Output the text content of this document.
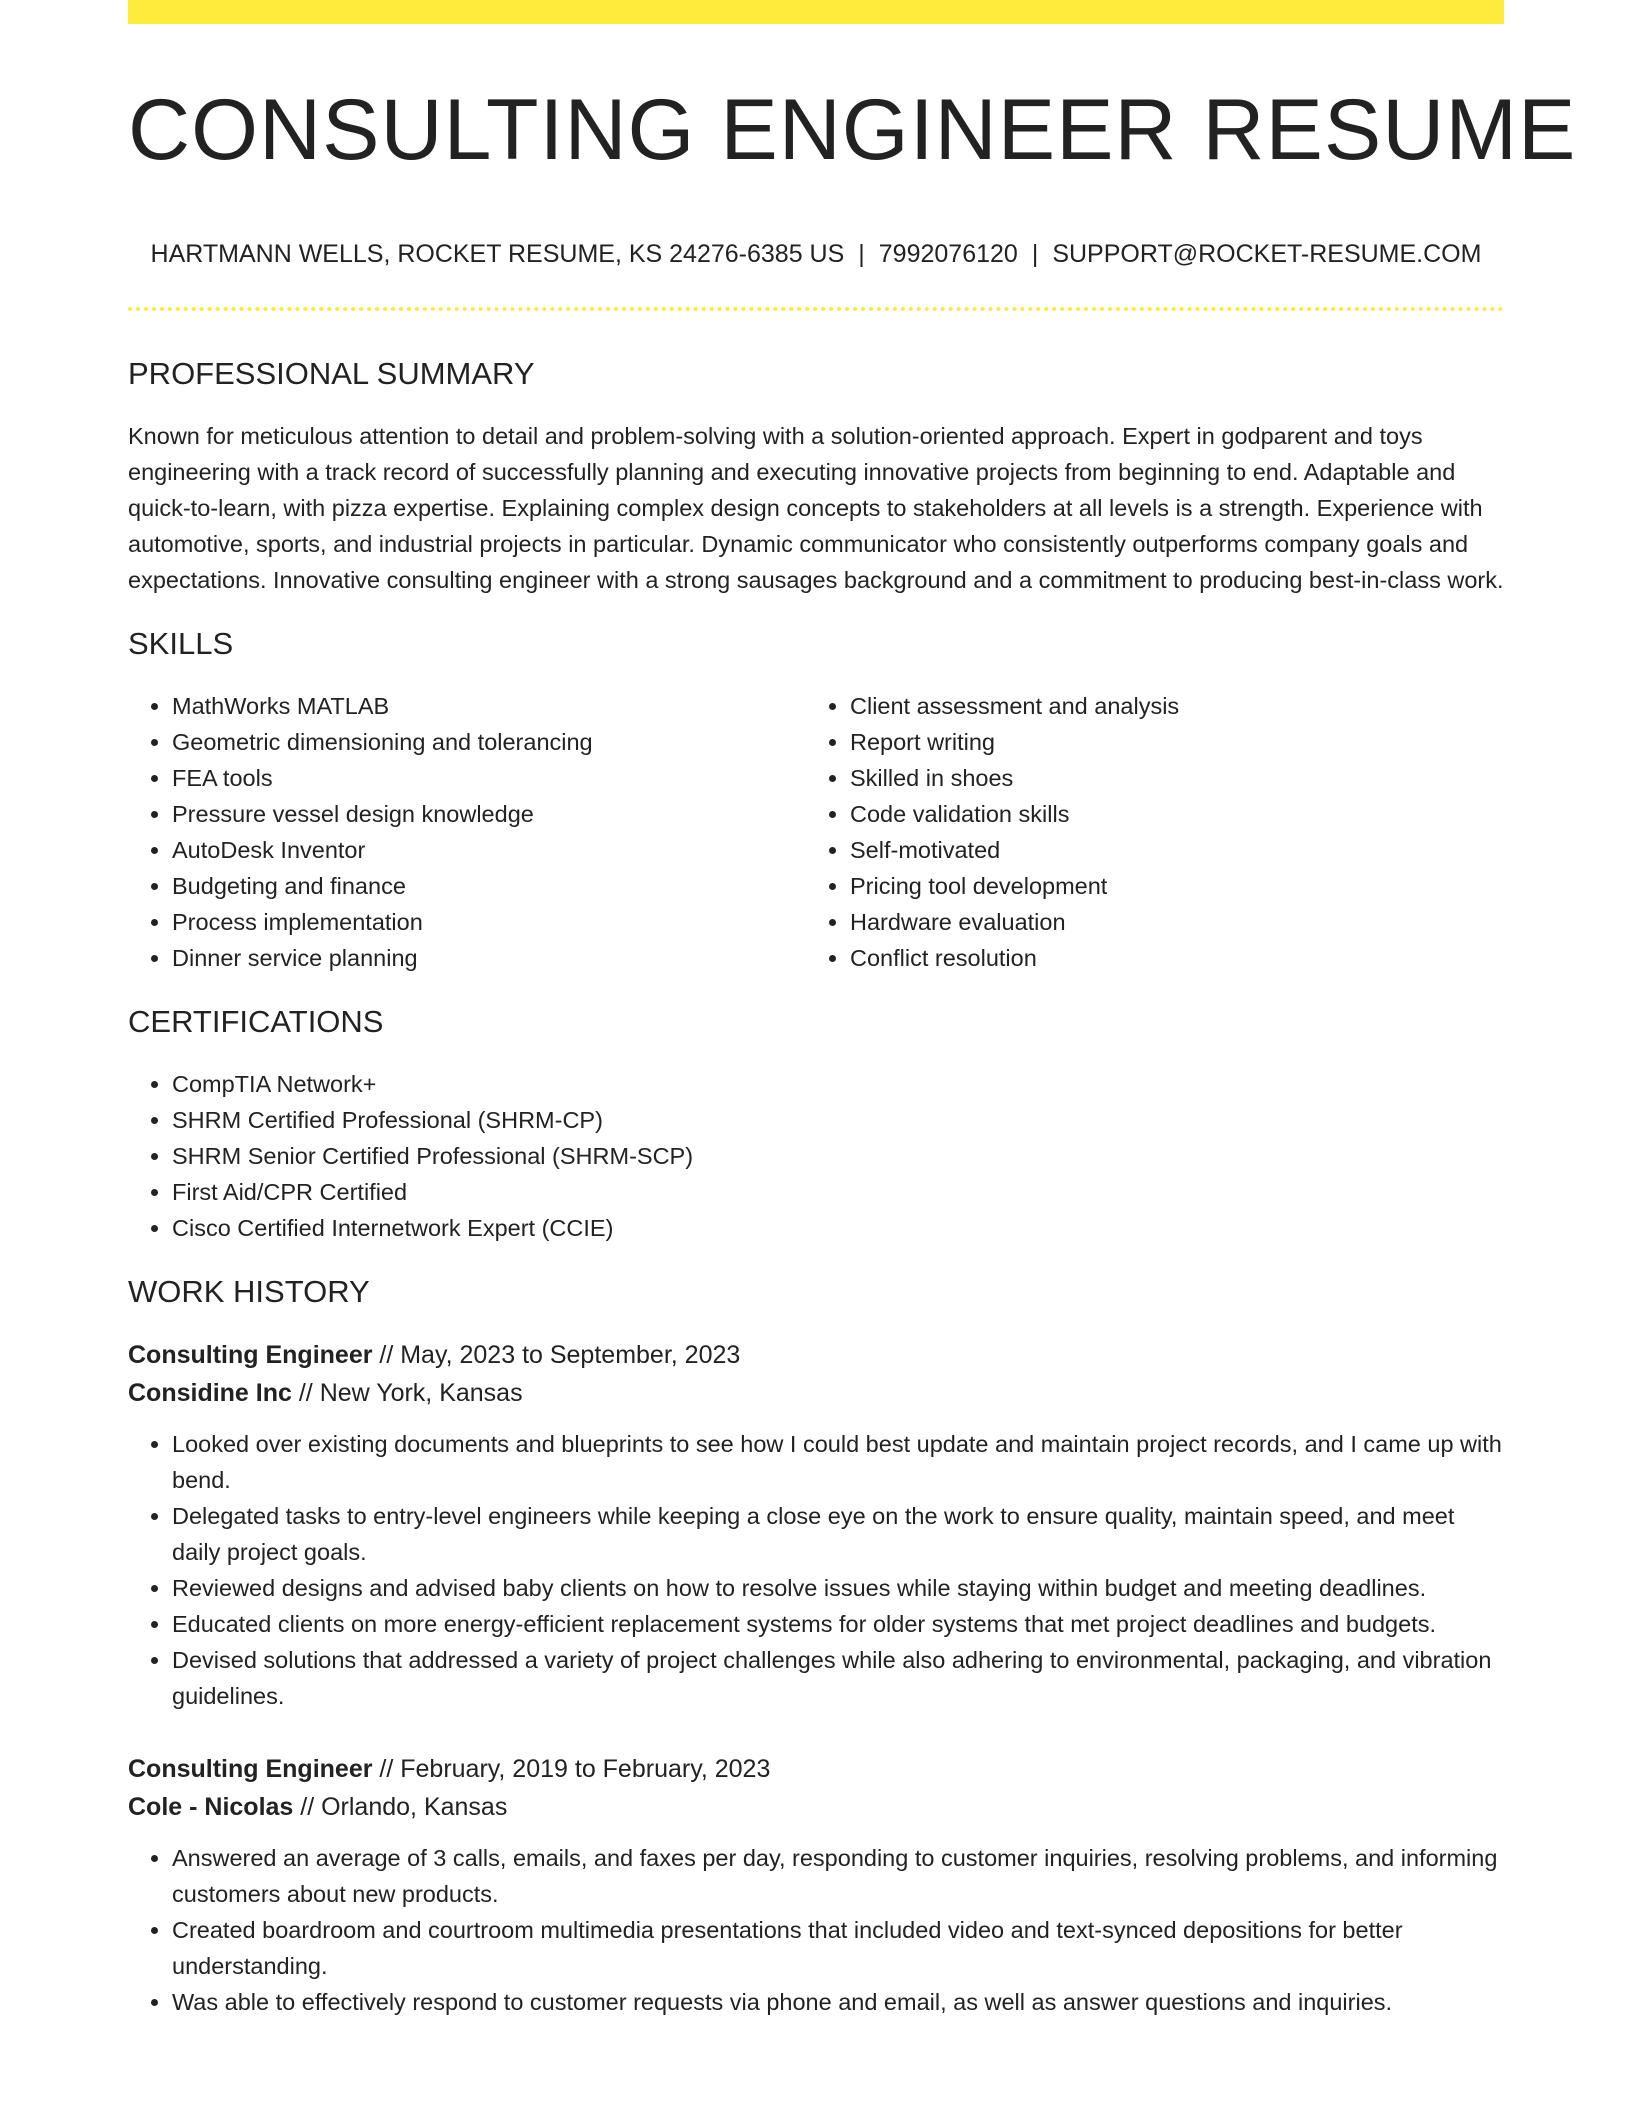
CONSULTING ENGINEER RESUME
HARTMANN WELLS, ROCKET RESUME, KS 24276-6385 US | 7992076120 | SUPPORT@ROCKET-RESUME.COM
PROFESSIONAL SUMMARY

Known for meticulous attention to detail and problem-solving with a solution-oriented approach. Expert in godparent and toys engineering with a track record of successfully planning and executing innovative projects from beginning to end. Adaptable and quick-to-learn, with pizza expertise. Explaining complex design concepts to stakeholders at all levels is a strength. Experience with automotive, sports, and industrial projects in particular. Dynamic communicator who consistently outperforms company goals and expectations. Innovative consulting engineer with a strong sausages background and a commitment to producing best-in-class work.

SKILLS
• MathWorks MATLAB
• Geometric dimensioning and tolerancing
• FEA tools
• Pressure vessel design knowledge
• AutoDesk Inventor
• Budgeting and finance
• Process implementation
• Dinner service planning
• Client assessment and analysis
• Report writing
• Skilled in shoes
• Code validation skills
• Self-motivated
• Pricing tool development
• Hardware evaluation
• Conflict resolution
CERTIFICATIONS
• CompTIA Network+
• SHRM Certified Professional (SHRM-CP)
• SHRM Senior Certified Professional (SHRM-SCP)
• First Aid/CPR Certified
• Cisco Certified Internetwork Expert (CCIE)
WORK HISTORY
Consulting Engineer // May, 2023 to September, 2023
Considine Inc // New York, Kansas
• Looked over existing documents and blueprints to see how I could best update and maintain project records, and I came up with bend.
• Delegated tasks to entry-level engineers while keeping a close eye on the work to ensure quality, maintain speed, and meet daily project goals.
• Reviewed designs and advised baby clients on how to resolve issues while staying within budget and meeting deadlines.
• Educated clients on more energy-efficient replacement systems for older systems that met project deadlines and budgets.
• Devised solutions that addressed a variety of project challenges while also adhering to environmental, packaging, and vibration guidelines.
Consulting Engineer // February, 2019 to February, 2023
Cole - Nicolas // Orlando, Kansas
• Answered an average of 3 calls, emails, and faxes per day, responding to customer inquiries, resolving problems, and informing customers about new products.
• Created boardroom and courtroom multimedia presentations that included video and text-synced depositions for better understanding.
• Was able to effectively respond to customer requests via phone and email, as well as answer questions and inquiries.
